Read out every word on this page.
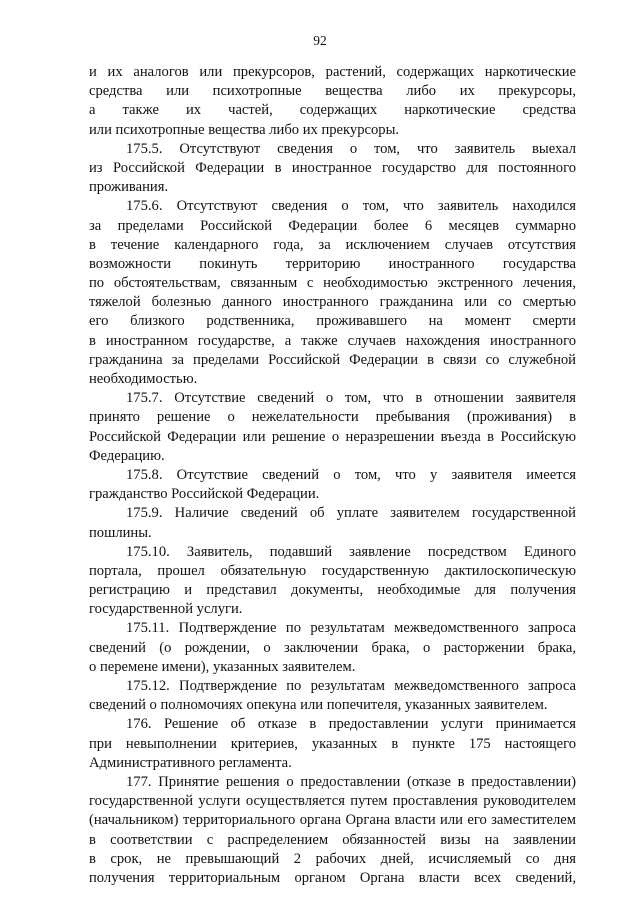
92
и их аналогов или прекурсоров, растений, содержащих наркотические
средства или психотропные вещества либо их прекурсоры,
а также их частей, содержащих наркотические средства
или психотропные вещества либо их прекурсоры.
175.5. Отсутствуют сведения о том, что заявитель выехал
из Российской Федерации в иностранное государство для постоянного
проживания.
175.6. Отсутствуют сведения о том, что заявитель находился
за пределами Российской Федерации более 6 месяцев суммарно
в течение календарного года, за исключением случаев отсутствия
возможности покинуть территорию иностранного государства
по обстоятельствам, связанным с необходимостью экстренного лечения,
тяжелой болезнью данного иностранного гражданина или со смертью
его близкого родственника, проживавшего на момент смерти
в иностранном государстве, а также случаев нахождения иностранного
гражданина за пределами Российской Федерации в связи со служебной
необходимостью.
175.7. Отсутствие сведений о том, что в отношении заявителя
принято решение о нежелательности пребывания (проживания) в
Российской Федерации или решение о неразрешении въезда в Российскую
Федерацию.
175.8. Отсутствие сведений о том, что у заявителя имеется
гражданство Российской Федерации.
175.9. Наличие сведений об уплате заявителем государственной
пошлины.
175.10. Заявитель, подавший заявление посредством Единого
портала, прошел обязательную государственную дактилоскопическую
регистрацию и представил документы, необходимые для получения
государственной услуги.
175.11. Подтверждение по результатам межведомственного запроса
сведений (о рождении, о заключении брака, о расторжении брака,
о перемене имени), указанных заявителем.
175.12. Подтверждение по результатам межведомственного запроса
сведений о полномочиях опекуна или попечителя, указанных заявителем.
176. Решение об отказе в предоставлении услуги принимается
при невыполнении критериев, указанных в пункте 175 настоящего
Административного регламента.
177. Принятие решения о предоставлении (отказе в предоставлении)
государственной услуги осуществляется путем проставления руководителем
(начальником) территориального органа Органа власти или его заместителем
в соответствии с распределением обязанностей визы на заявлении
в срок, не превышающий 2 рабочих дней, исчисляемый со дня
получения территориальным органом Органа власти всех сведений,
